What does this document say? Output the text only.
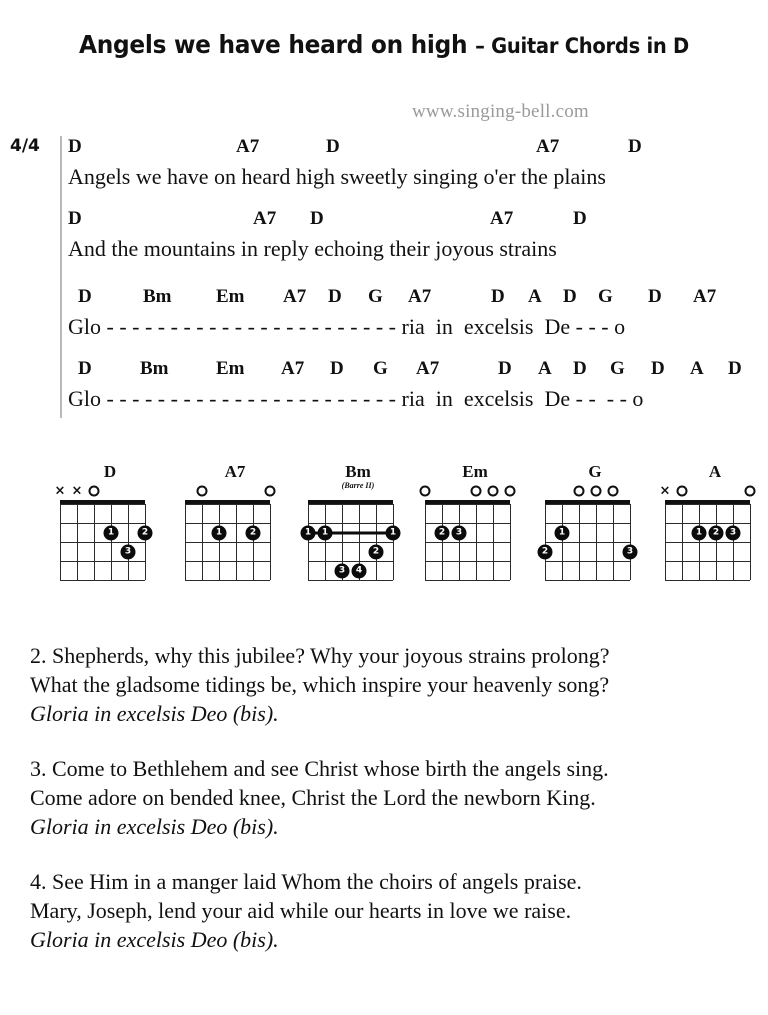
Angels we have heard on high – Guitar Chords in D
www.singing-bell.com
4/4 D	A7	D	A7	D
Angels we have on heard high sweetly singing o'er the plains
D	A7 D	A7	D
And the mountains in reply echoing their joyous strains
D	Bm Em A7 D G A7	D A D G D A7
Glo - - - - - - - - - - - - - - - - - - - - - - - ria  in  excelsis  De - - - o
D	Bm	Em A7 D G A7	D A D G D A D
Glo - - - - - - - - - - - - - - - - - - - - - - - ria  in  excelsis  De - -  - - o
D
1	2
3
× ×
A7
1	2
Bm
(Barre II)
1	1	1
2
3	4
Em
2	3
G
1
2	3
A
1	2	3
×
2. Shepherds, why this jubilee? Why your joyous strains prolong?
What the gladsome tidings be, which inspire your heavenly song?
Gloria in excelsis Deo (bis).
3. Come to Bethlehem and see Christ whose birth the angels sing.
Come adore on bended knee, Christ the Lord the newborn King.
Gloria in excelsis Deo (bis).
4. See Him in a manger laid Whom the choirs of angels praise.
Mary, Joseph, lend your aid while our hearts in love we raise.
Gloria in excelsis Deo (bis).
